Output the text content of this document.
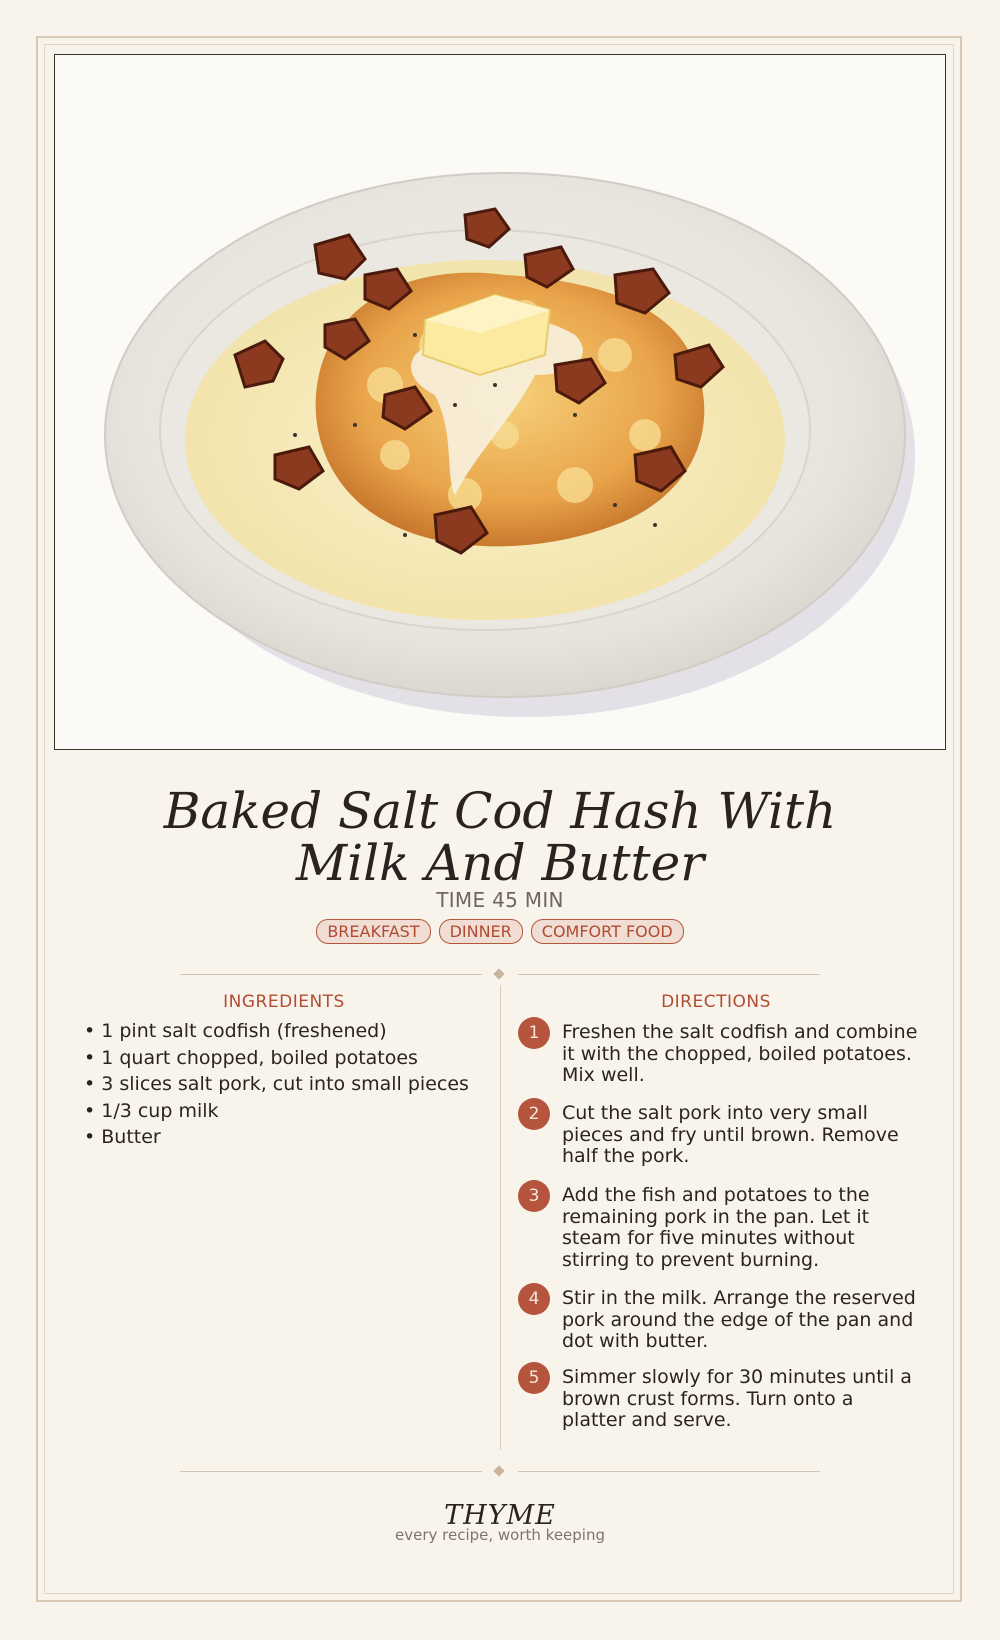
Baked Salt Cod Hash With Milk And Butter
TIME 45 MIN
BREAKFAST	DINNER	COMFORT FOOD
INGREDIENTS
• 1 pint salt codfish (freshened)
• 1 quart chopped, boiled potatoes
• 3 slices salt pork, cut into small pieces
• 1/3 cup milk
• Butter
DIRECTIONS
1	Freshen the salt codfish and combine it with the chopped, boiled potatoes. Mix well.
2	Cut the salt pork into very small pieces and fry until brown. Remove half the pork.
3	Add the fish and potatoes to the remaining pork in the pan. Let it steam for five minutes without stirring to prevent burning.
4	Stir in the milk. Arrange the reserved pork around the edge of the pan and dot with butter.
5	Simmer slowly for 30 minutes until a brown crust forms. Turn onto a platter and serve.
THYME
every recipe, worth keeping
